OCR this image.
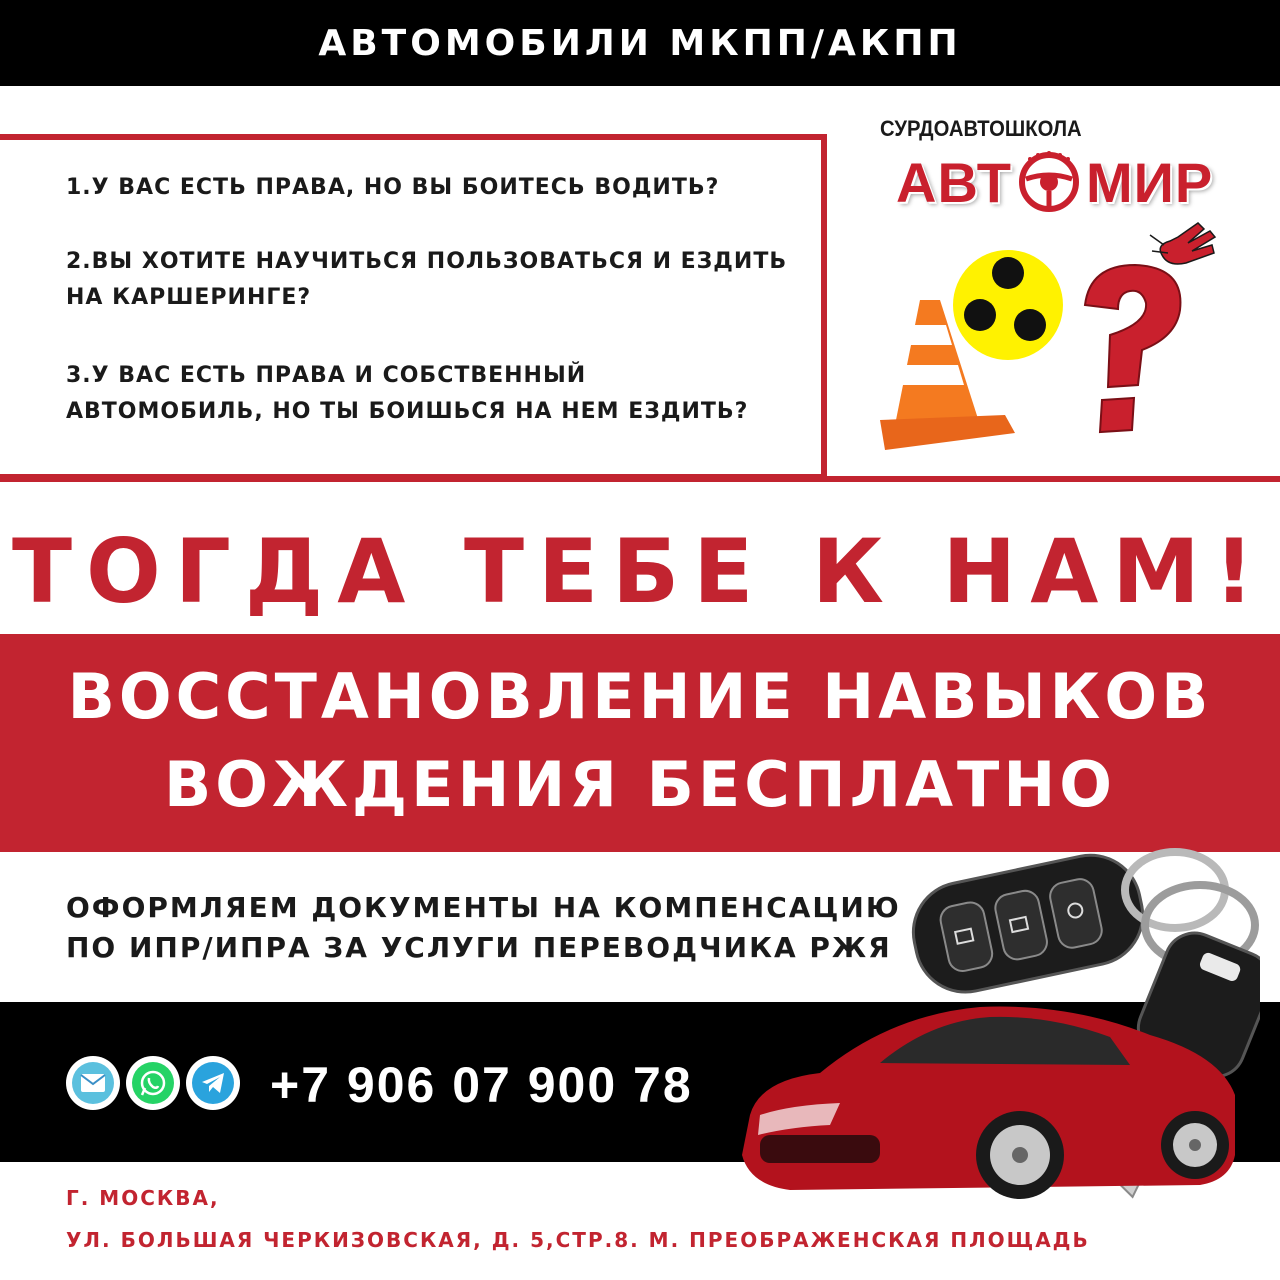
АВТОМОБИЛИ МКПП/АКПП
1.У ВАС ЕСТЬ ПРАВА, НО ВЫ БОИТЕСЬ ВОДИТЬ?
2.ВЫ ХОТИТЕ НАУЧИТЬСЯ ПОЛЬЗОВАТЬСЯ И ЕЗДИТЬ
НА КАРШЕРИНГЕ?
3.У ВАС ЕСТЬ ПРАВА И СОБСТВЕННЫЙ
АВТОМОБИЛЬ, НО ТЫ БОИШЬСЯ НА НЕМ ЕЗДИТЬ?
СУРДОАВТОШКОЛА
АВТ МИР
ТОГДА ТЕБЕ К НАМ!
ВОССТАНОВЛЕНИЕ НАВЫКОВ
ВОЖДЕНИЯ БЕСПЛАТНО
ОФОРМЛЯЕМ ДОКУМЕНТЫ НА КОМПЕНСАЦИЮ
ПО ИПР/ИПРА ЗА УСЛУГИ ПЕРЕВОДЧИКА РЖЯ
+7 906 07 900 78
Г. МОСКВА,
УЛ. БОЛЬШАЯ ЧЕРКИЗОВСКАЯ, Д. 5,СТР.8. М. ПРЕОБРАЖЕНСКАЯ ПЛОЩАДЬ
